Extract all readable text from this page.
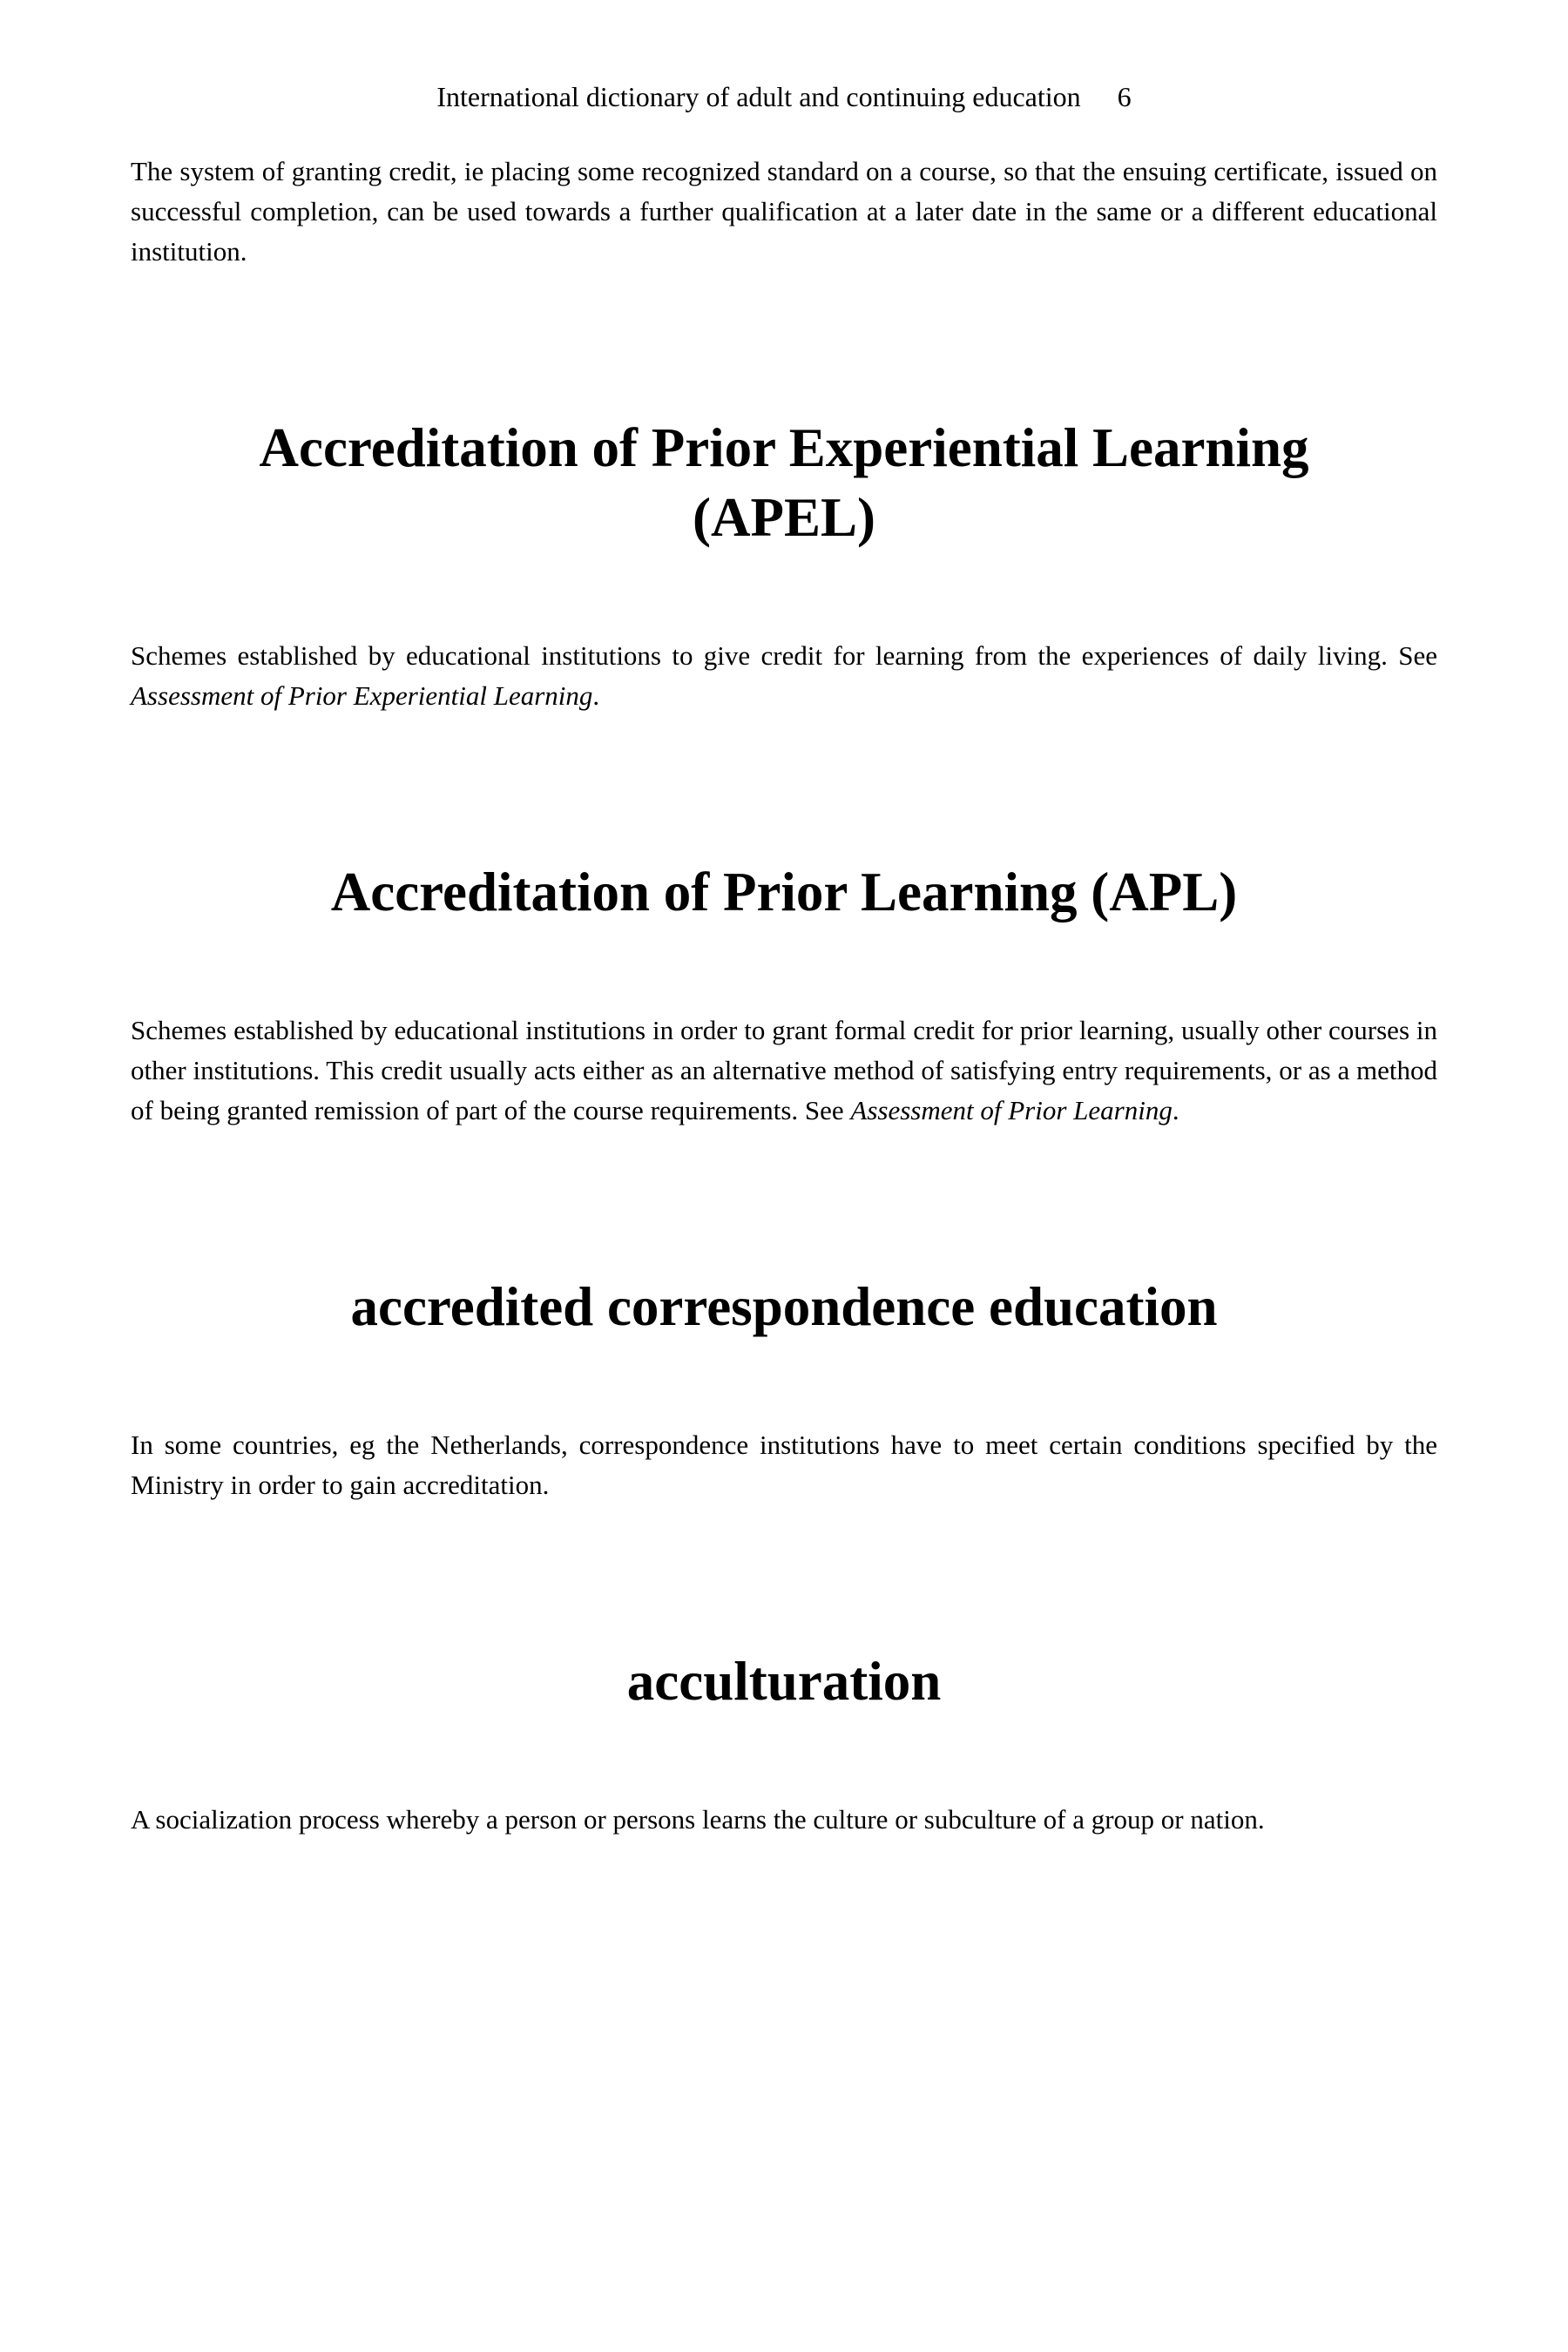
International dictionary of adult and continuing education 6

The system of granting credit, ie placing some recognized standard on a course, so that the ensuing certificate, issued on successful completion, can be used towards a further qualification at a later date in the same or a different educational institution.

Accreditation of Prior Experiential Learning
(APEL)

Schemes established by educational institutions to give credit for learning from the experiences of daily living. See Assessment of Prior Experiential Learning.

Accreditation of Prior Learning (APL)

Schemes established by educational institutions in order to grant formal credit for prior learning, usually other courses in other institutions. This credit usually acts either as an alternative method of satisfying entry requirements, or as a method of being granted remission of part of the course requirements. See Assessment of Prior Learning.

accredited correspondence education

In some countries, eg the Netherlands, correspondence institutions have to meet certain conditions specified by the Ministry in order to gain accreditation.

acculturation

A socialization process whereby a person or persons learns the culture or subculture of a group or nation.
